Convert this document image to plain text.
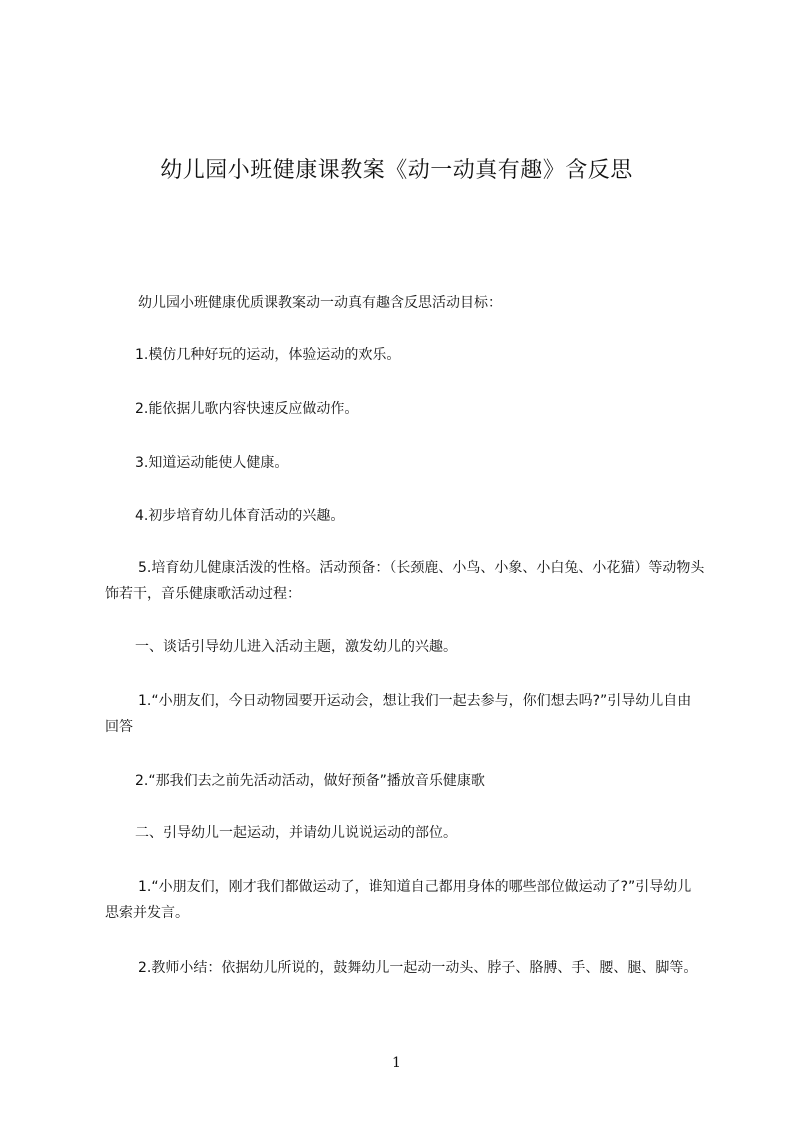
幼儿园小班健康课教案《动一动真有趣》含反思

幼儿园小班健康优质课教案动一动真有趣含反思活动目标：

1.模仿几种好玩的运动，体验运动的欢乐。

2.能依据儿歌内容快速反应做动作。

3.知道运动能使人健康。

4.初步培育幼儿体育活动的兴趣。

5.培育幼儿健康活泼的性格。活动预备：（长颈鹿、小鸟、小象、小白兔、小花猫）等动物头饰若干，音乐健康歌活动过程：

一、谈话引导幼儿进入活动主题，激发幼儿的兴趣。

1.“小朋友们，今日动物园要开运动会，想让我们一起去参与，你们想去吗?”引导幼儿自由回答

2.“那我们去之前先活动活动，做好预备”播放音乐健康歌

二、引导幼儿一起运动，并请幼儿说说运动的部位。

1.“小朋友们，刚才我们都做运动了，谁知道自己都用身体的哪些部位做运动了?”引导幼儿思索并发言。

2.教师小结：依据幼儿所说的，鼓舞幼儿一起动一动头、脖子、胳膊、手、腰、腿、脚等。

1
